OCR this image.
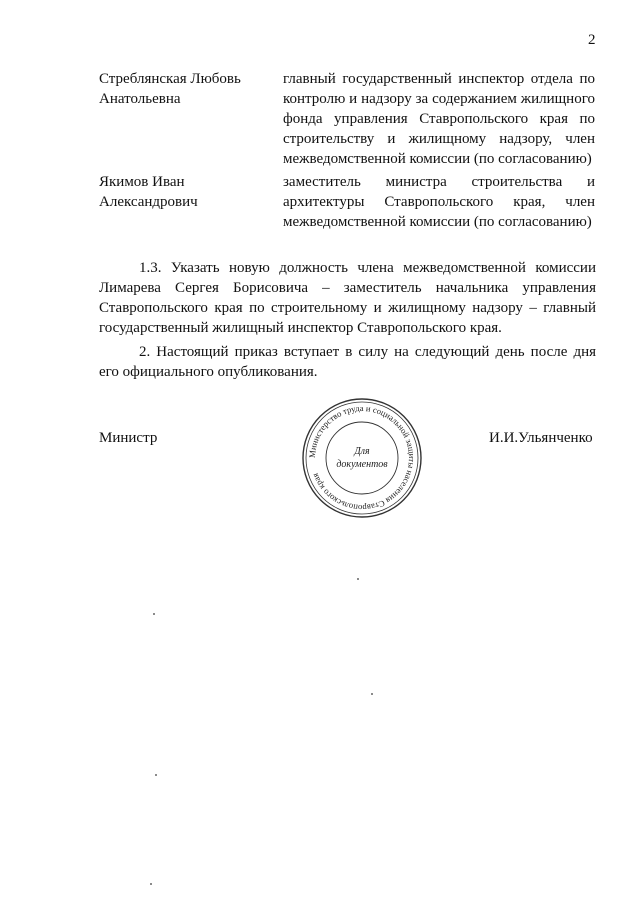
2
Стреблянская Любовь Анатольевна
главный государственный инспектор отдела по контролю и надзору за содержанием жилищного фонда управления Ставропольского края по строительству и жилищному надзору, член межведомственной комиссии (по согласованию)
Якимов Иван Александрович
заместитель министра строительства и архитектуры Ставропольского края, член межведомственной комиссии (по согласованию)
1.3. Указать новую должность члена межведомственной комиссии Лимарева Сергея Борисовича – заместитель начальника управления Ставропольского края по строительному и жилищному надзору – главный государственный жилищный инспектор Ставропольского края.
2. Настоящий приказ вступает в силу на следующий день после дня его официального опубликования.
Министр	И.И.Ульянченко
Министерство труда и социальной защиты населения Ставропольского края
Для
документов
